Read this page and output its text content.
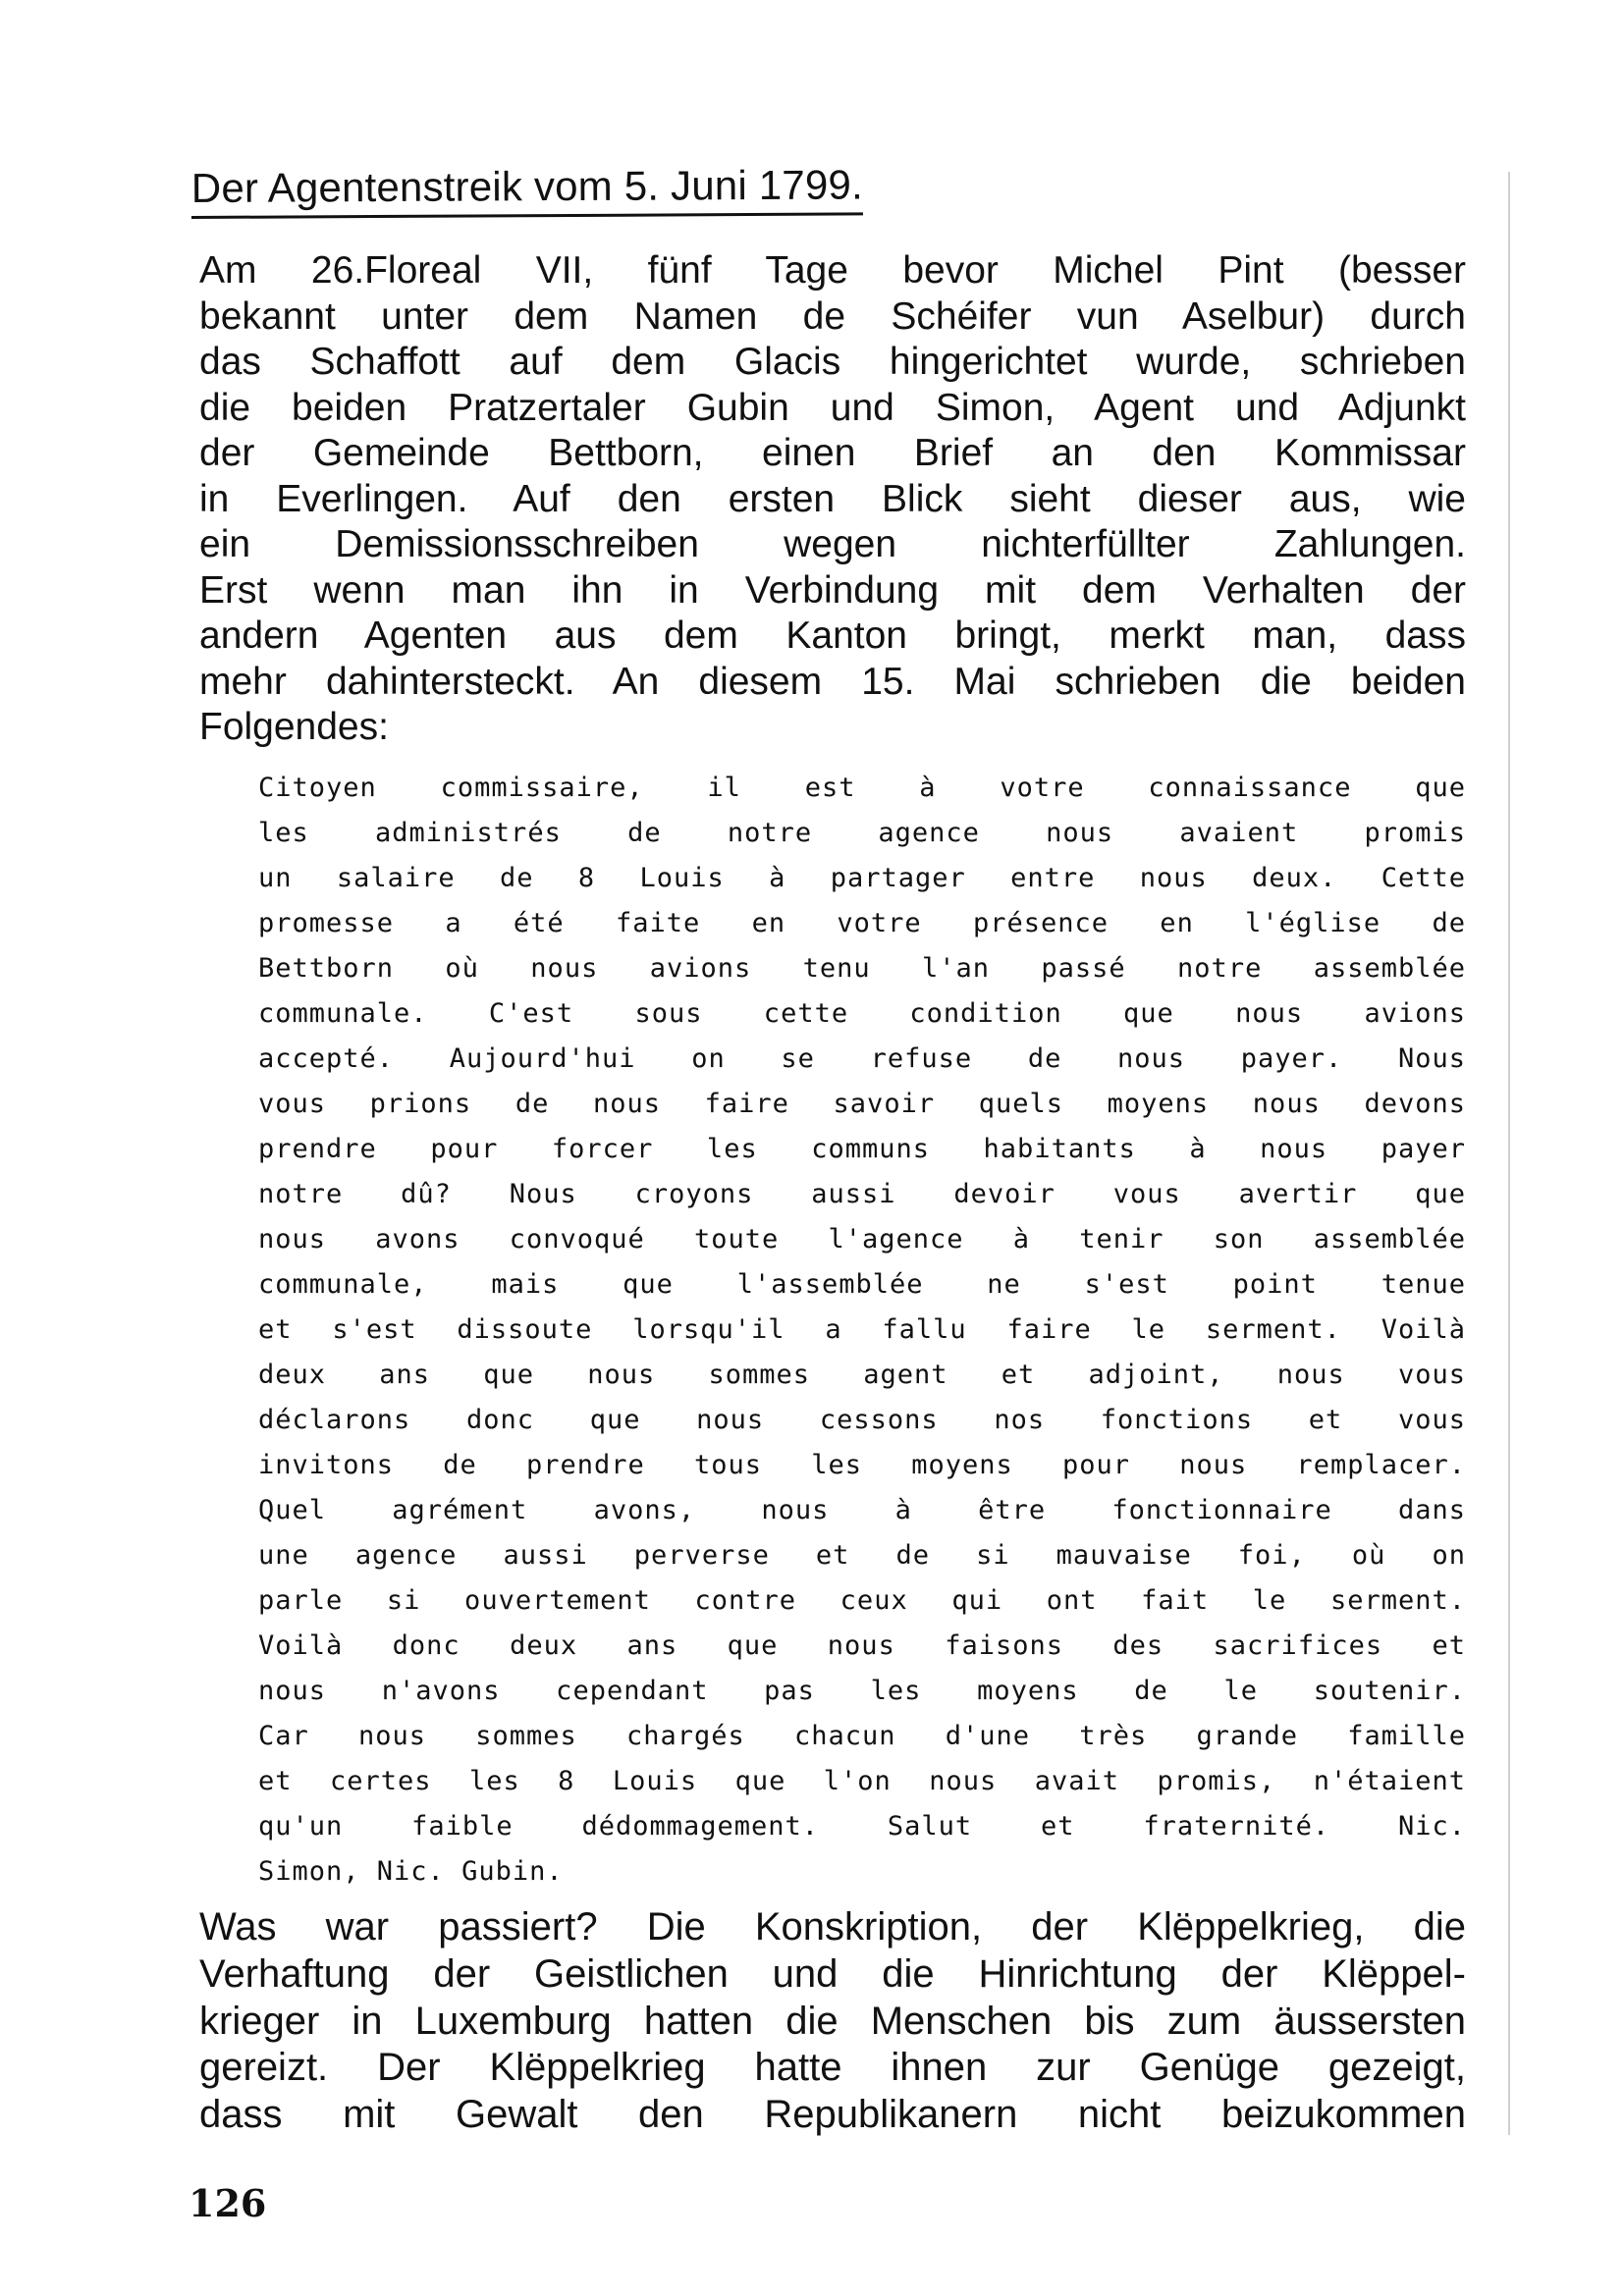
Der Agentenstreik vom 5. Juni 1799.
Am 26.Floreal VII, fünf Tage bevor Michel Pint (besser
bekannt unter dem Namen de Schéifer vun Aselbur) durch
das Schaffott auf dem Glacis hingerichtet wurde, schrieben
die beiden Pratzertaler Gubin und Simon, Agent und Adjunkt
der Gemeinde Bettborn, einen Brief an den Kommissar
in Everlingen. Auf den ersten Blick sieht dieser aus, wie
ein Demissionsschreiben wegen nichterfüllter Zahlungen.
Erst wenn man ihn in Verbindung mit dem Verhalten der
andern Agenten aus dem Kanton bringt, merkt man, dass
mehr dahintersteckt. An diesem 15. Mai schrieben die beiden
Folgendes:
Citoyen commissaire, il est à votre connaissance que
les administrés de notre agence nous avaient promis
un salaire de 8 Louis à partager entre nous deux. Cette
promesse a été faite en votre présence en l'église de
Bettborn où nous avions tenu l'an passé notre assemblée
communale. C'est sous cette condition que nous avions
accepté. Aujourd'hui on se refuse de nous payer. Nous
vous prions de nous faire savoir quels moyens nous devons
prendre pour forcer les communs habitants à nous payer
notre dû? Nous croyons aussi devoir vous avertir que
nous avons convoqué toute l'agence à tenir son assemblée
communale, mais que l'assemblée ne s'est point tenue
et s'est dissoute lorsqu'il a fallu faire le serment. Voilà
deux ans que nous sommes agent et adjoint, nous vous
déclarons donc que nous cessons nos fonctions et vous
invitons de prendre tous les moyens pour nous remplacer.
Quel agrément avons, nous à être fonctionnaire dans
une agence aussi perverse et de si mauvaise foi, où on
parle si ouvertement contre ceux qui ont fait le serment.
Voilà donc deux ans que nous faisons des sacrifices et
nous n'avons cependant pas les moyens de le soutenir.
Car nous sommes chargés chacun d'une très grande famille
et certes les 8 Louis que l'on nous avait promis, n'étaient
qu'un faible dédommagement. Salut et fraternité. Nic.
Simon, Nic. Gubin.
Was war passiert? Die Konskription, der Klëppelkrieg, die
Verhaftung der Geistlichen und die Hinrichtung der Klëppel-
krieger in Luxemburg hatten die Menschen bis zum äussersten
gereizt. Der Klëppelkrieg hatte ihnen zur Genüge gezeigt,
dass mit Gewalt den Republikanern nicht beizukommen
126
